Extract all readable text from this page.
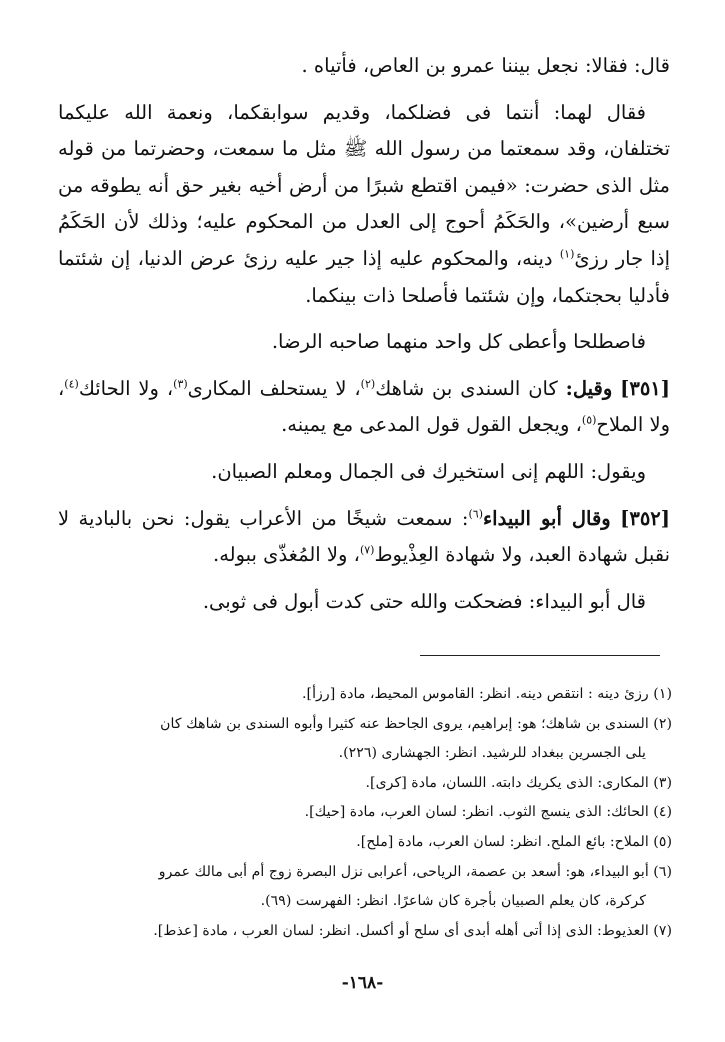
قال: فقالا: نجعل بيننا عمرو بن العاص، فأتياه .

فقال لهما: أنتما فى فضلكما، وقديم سوابقكما، ونعمة الله عليكما تختلفان، وقد سمعتما من رسول الله ﷺ مثل ما سمعت، وحضرتما من قوله مثل الذى حضرت: «فيمن اقتطع شبرًا من أرض أخيه بغير حق أنه يطوقه من سبع أرضين»، والحَكَمُ أحوج إلى العدل من المحكوم عليه؛ وذلك لأن الحَكَمُ إذا جار رزئ$^{(١)}$ دينه، والمحكوم عليه إذا جير عليه رزئ عرض الدنيا، إن شئتما فأدليا بحجتكما، وإن شئتما فأصلحا ذات بينكما.

فاصطلحا وأعطى كل واحد منهما صاحبه الرضا.

[٣٥١] وقيل: كان السندى بن شاهك$^{(٢)}$، لا يستحلف المكارى$^{(٣)}$، ولا الحائك$^{(٤)}$، ولا الملاح$^{(٥)}$، ويجعل القول قول المدعى مع يمينه.

ويقول: اللهم إنى استخيرك فى الجمال ومعلم الصبيان.

[٣٥٢] وقال أبو البيداء$^{(٦)}$: سمعت شيخًا من الأعراب يقول: نحن بالبادية لا نقبل شهادة العبد، ولا شهادة العِذْيوط$^{(٧)}$، ولا المُغذّى ببوله.

قال أبو البيداء: فضحكت والله حتى كدت أبول فى ثوبى.

(١) رزئ دينه : انتقص دينه. انظر: القاموس المحيط، مادة [رزأ].

(٢) السندى بن شاهك؛ هو: إبراهيم، يروى الجاحظ عنه كثيرا وأبوه السندى بن شاهك كان

يلى الجسرين ببغداد للرشيد. انظر: الجهشارى (٢٢٦).

(٣) المكارى: الذى يكريك دابته. اللسان، مادة [كرى].

(٤) الحائك: الذى ينسج الثوب. انظر: لسان العرب، مادة [حيك].

(٥) الملاح: بائع الملح. انظر: لسان العرب، مادة [ملح].

(٦) أبو البيداء، هو: أسعد بن عصمة، الرياحى، أعرابى نزل البصرة زوج أم أبى مالك عمرو

كركرة، كان يعلم الصبيان بأجرة كان شاعرًا. انظر: الفهرست (٦٩).

(٧) العذيوط: الذى إذا أتى أهله أبدى أى سلح أو أكسل. انظر: لسان العرب ، مادة [عذط].

-١٦٨-
